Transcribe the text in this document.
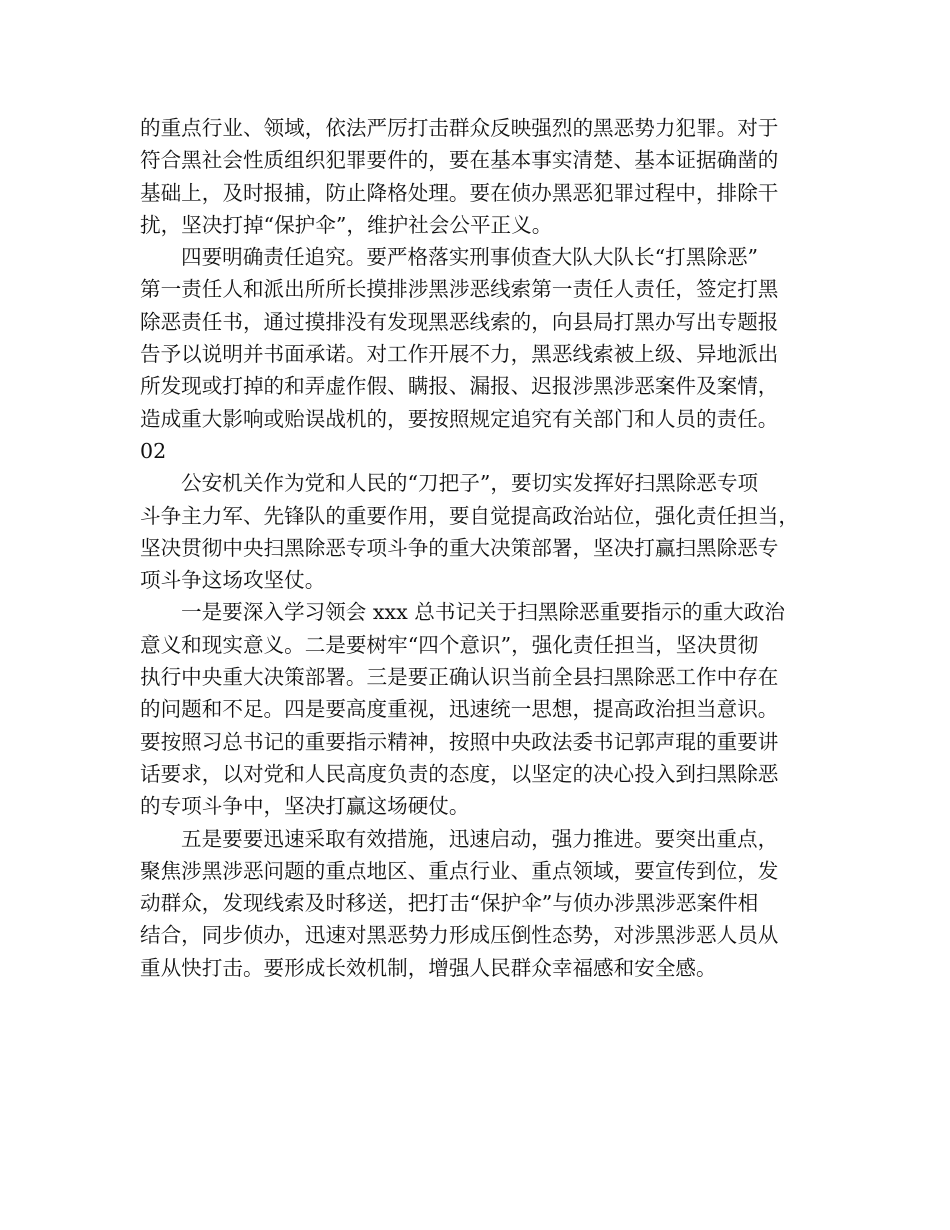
的重点行业、领域，依法严厉打击群众反映强烈的黑恶势力犯罪。对于
符合黑社会性质组织犯罪要件的，要在基本事实清楚、基本证据确凿的
基础上，及时报捕，防止降格处理。要在侦办黑恶犯罪过程中，排除干
扰，坚决打掉“保护伞”，维护社会公平正义。
四要明确责任追究。要严格落实刑事侦查大队大队长“打黑除恶”
第一责任人和派出所所长摸排涉黑涉恶线索第一责任人责任，签定打黑
除恶责任书，通过摸排没有发现黑恶线索的，向县局打黑办写出专题报
告予以说明并书面承诺。对工作开展不力，黑恶线索被上级、异地派出
所发现或打掉的和弄虚作假、瞒报、漏报、迟报涉黑涉恶案件及案情，
造成重大影响或贻误战机的，要按照规定追究有关部门和人员的责任。
02
公安机关作为党和人民的“刀把子”，要切实发挥好扫黑除恶专项
斗争主力军、先锋队的重要作用，要自觉提高政治站位，强化责任担当，
坚决贯彻中央扫黑除恶专项斗争的重大决策部署，坚决打赢扫黑除恶专
项斗争这场攻坚仗。
一是要深入学习领会 xxx 总书记关于扫黑除恶重要指示的重大政治
意义和现实意义。二是要树牢“四个意识”，强化责任担当，坚决贯彻
执行中央重大决策部署。三是要正确认识当前全县扫黑除恶工作中存在
的问题和不足。四是要高度重视，迅速统一思想，提高政治担当意识。
要按照习总书记的重要指示精神，按照中央政法委书记郭声琨的重要讲
话要求，以对党和人民高度负责的态度，以坚定的决心投入到扫黑除恶
的专项斗争中，坚决打赢这场硬仗。
五是要要迅速采取有效措施，迅速启动，强力推进。要突出重点，
聚焦涉黑涉恶问题的重点地区、重点行业、重点领域，要宣传到位，发
动群众，发现线索及时移送，把打击“保护伞”与侦办涉黑涉恶案件相
结合，同步侦办，迅速对黑恶势力形成压倒性态势，对涉黑涉恶人员从
重从快打击。要形成长效机制，增强人民群众幸福感和安全感。
